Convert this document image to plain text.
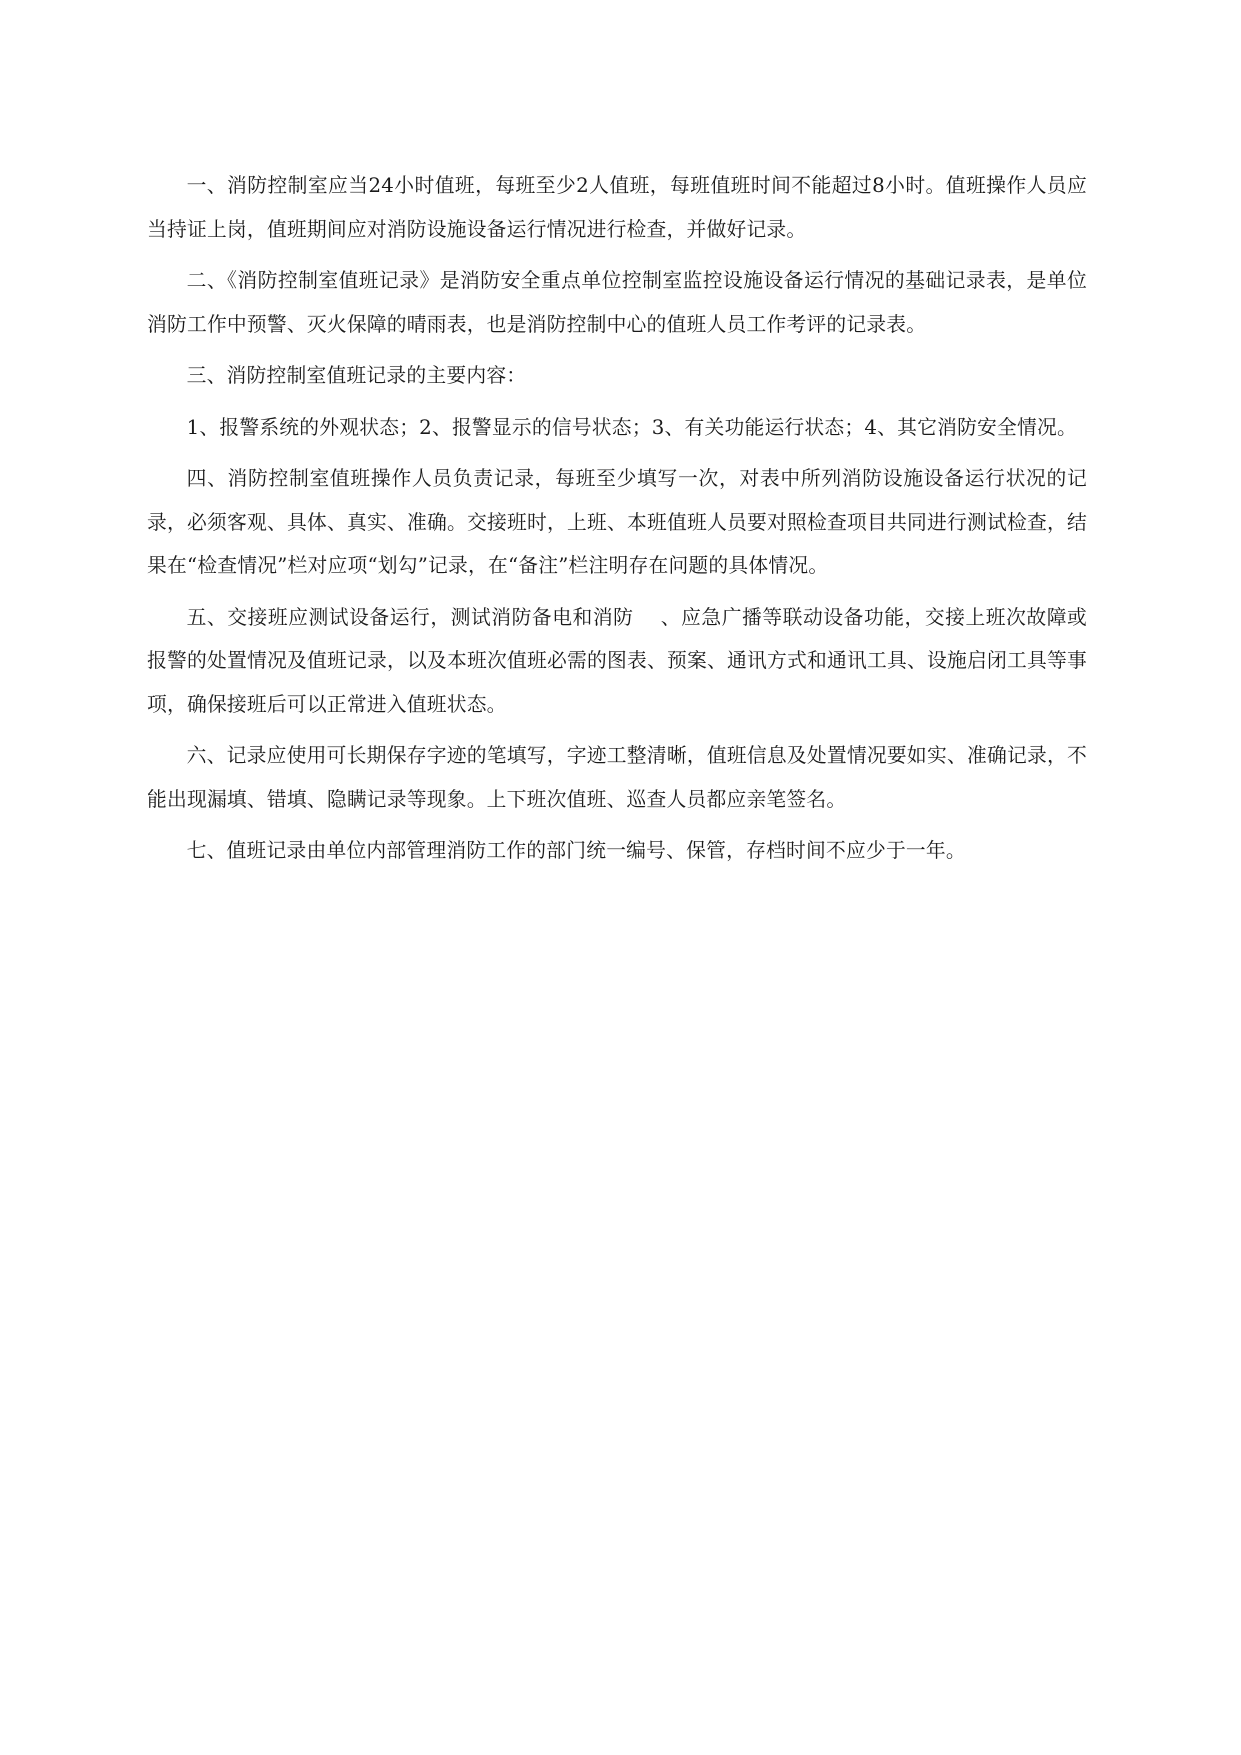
一、消防控制室应当24小时值班，每班至少2人值班，每班值班时间不能超过8小时。值班操作人员应当持证上岗，值班期间应对消防设施设备运行情况进行检查，并做好记录。

二、《消防控制室值班记录》是消防安全重点单位控制室监控设施设备运行情况的基础记录表，是单位消防工作中预警、灭火保障的晴雨表，也是消防控制中心的值班人员工作考评的记录表。

三、消防控制室值班记录的主要内容：

1、报警系统的外观状态；2、报警显示的信号状态；3、有关功能运行状态；4、其它消防安全情况。

四、消防控制室值班操作人员负责记录，每班至少填写一次，对表中所列消防设施设备运行状况的记录，必须客观、具体、真实、准确。交接班时，上班、本班值班人员要对照检查项目共同进行测试检查，结果在“检查情况”栏对应项“划勾”记录，在“备注”栏注明存在问题的具体情况。

五、交接班应测试设备运行，测试消防备电和消防    、应急广播等联动设备功能，交接上班次故障或报警的处置情况及值班记录，以及本班次值班必需的图表、预案、通讯方式和通讯工具、设施启闭工具等事项，确保接班后可以正常进入值班状态。

六、记录应使用可长期保存字迹的笔填写，字迹工整清晰，值班信息及处置情况要如实、准确记录，不能出现漏填、错填、隐瞒记录等现象。上下班次值班、巡查人员都应亲笔签名。

七、值班记录由单位内部管理消防工作的部门统一编号、保管，存档时间不应少于一年。
